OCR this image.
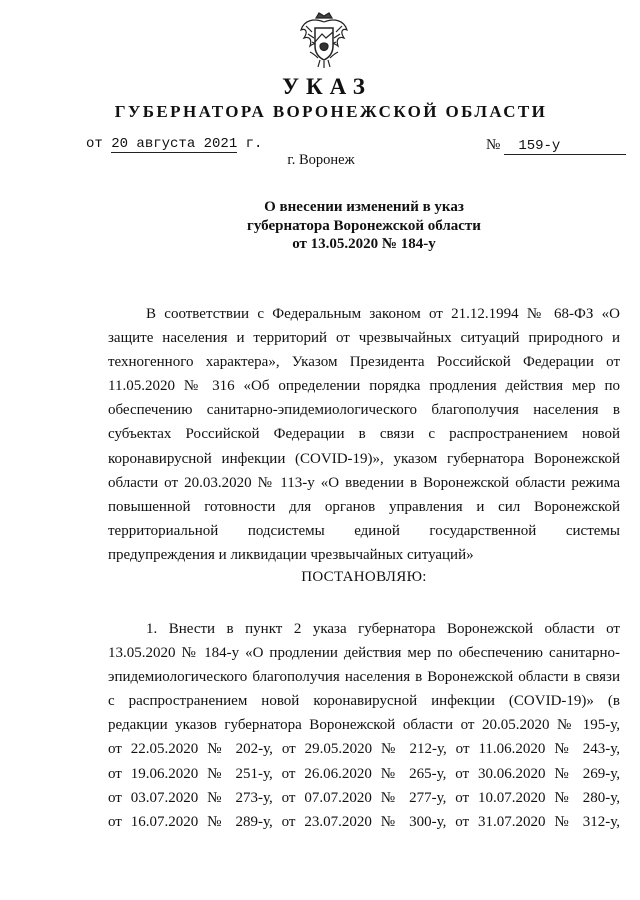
УКАЗ
ГУБЕРНАТОРА ВОРОНЕЖСКОЙ ОБЛАСТИ
от 20 августа 2021 г.	№ 159-у
г. Воронеж
О внесении изменений в указ
губернатора Воронежской области
от 13.05.2020 № 184-у
В соответствии с Федеральным законом от 21.12.1994 № 68-ФЗ «О
защите населения и территорий от чрезвычайных ситуаций природного и
техногенного характера», Указом Президента Российской Федерации от
11.05.2020 № 316 «Об определении порядка продления действия мер по
обеспечению санитарно-эпидемиологического благополучия населения в
субъектах Российской Федерации в связи с распространением новой
коронавирусной инфекции (COVID-19)», указом губернатора Воронежской
области от 20.03.2020 № 113-у «О введении в Воронежской области режима
повышенной готовности для органов управления и сил Воронежской
территориальной подсистемы единой государственной системы
предупреждения и ликвидации чрезвычайных ситуаций»
ПОСТАНОВЛЯЮ:
1. Внести в пункт 2 указа губернатора Воронежской области от
13.05.2020 № 184-у «О продлении действия мер по обеспечению санитарно-
эпидемиологического благополучия населения в Воронежской области в связи
с распространением новой коронавирусной инфекции (COVID-19)» (в
редакции указов губернатора Воронежской области от 20.05.2020 № 195-у,
от 22.05.2020 № 202-у, от 29.05.2020 № 212-у, от 11.06.2020 № 243-у,
от 19.06.2020 № 251-у, от 26.06.2020 № 265-у, от 30.06.2020 № 269-у,
от 03.07.2020 № 273-у, от 07.07.2020 № 277-у, от 10.07.2020 № 280-у,
от 16.07.2020 № 289-у, от 23.07.2020 № 300-у, от 31.07.2020 № 312-у,
